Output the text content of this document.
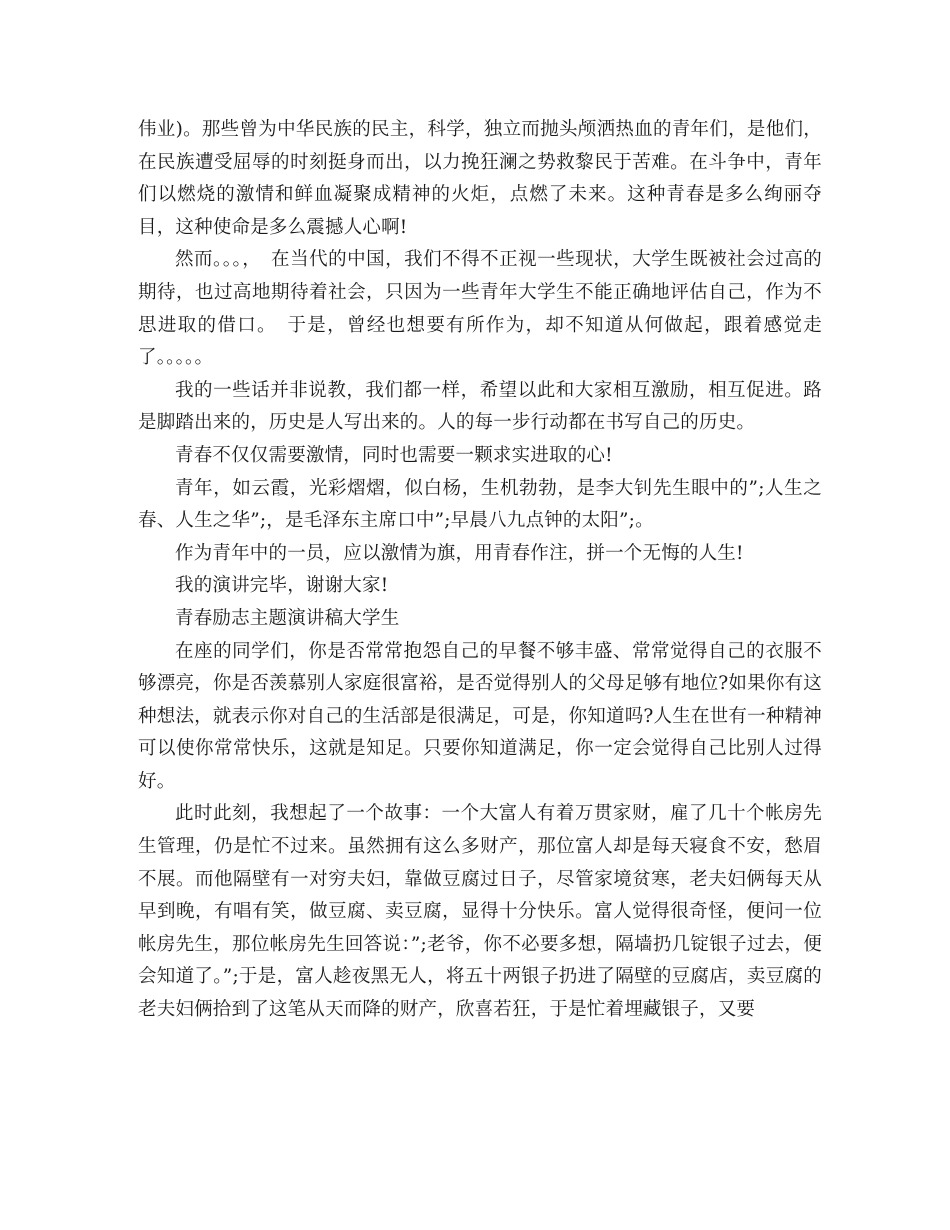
伟业)。那些曾为中华民族的民主，科学，独立而抛头颅洒热血的青年们，是他们，在民族遭受屈辱的时刻挺身而出，以力挽狂澜之势救黎民于苦难。在斗争中，青年们以燃烧的激情和鲜血凝聚成精神的火炬，点燃了未来。这种青春是多么绚丽夺目，这种使命是多么震撼人心啊!

然而。。。，　在当代的中国，我们不得不正视一些现状，大学生既被社会过高的期待，也过高地期待着社会，只因为一些青年大学生不能正确地评估自己，作为不思进取的借口。　于是，曾经也想要有所作为，却不知道从何做起，跟着感觉走了。。。。。

我的一些话并非说教，我们都一样，希望以此和大家相互激励，相互促进。路是脚踏出来的，历史是人写出来的。人的每一步行动都在书写自己的历史。

青春不仅仅需要激情，同时也需要一颗求实进取的心!

青年，如云霞，光彩熠熠，似白杨，生机勃勃，是李大钊先生眼中的”;人生之春、人生之华”;，是毛泽东主席口中”;早晨八九点钟的太阳”;。

作为青年中的一员，应以激情为旗，用青春作注，拼一个无悔的人生!

我的演讲完毕，谢谢大家!

青春励志主题演讲稿大学生

在座的同学们，你是否常常抱怨自己的早餐不够丰盛、常常觉得自己的衣服不够漂亮，你是否羡慕别人家庭很富裕，是否觉得别人的父母足够有地位?如果你有这种想法，就表示你对自己的生活部是很满足，可是，你知道吗?人生在世有一种精神可以使你常常快乐，这就是知足。只要你知道满足，你一定会觉得自己比别人过得好。

此时此刻，我想起了一个故事：一个大富人有着万贯家财，雇了几十个帐房先生管理，仍是忙不过来。虽然拥有这么多财产，那位富人却是每天寝食不安，愁眉不展。而他隔壁有一对穷夫妇，靠做豆腐过日子，尽管家境贫寒，老夫妇俩每天从早到晚，有唱有笑，做豆腐、卖豆腐，显得十分快乐。富人觉得很奇怪，便问一位帐房先生，那位帐房先生回答说：”;老爷，你不必要多想，隔墙扔几锭银子过去，便会知道了。”;于是，富人趁夜黑无人，将五十两银子扔进了隔壁的豆腐店，卖豆腐的老夫妇俩拾到了这笔从天而降的财产，欣喜若狂，于是忙着埋藏银子，又要
